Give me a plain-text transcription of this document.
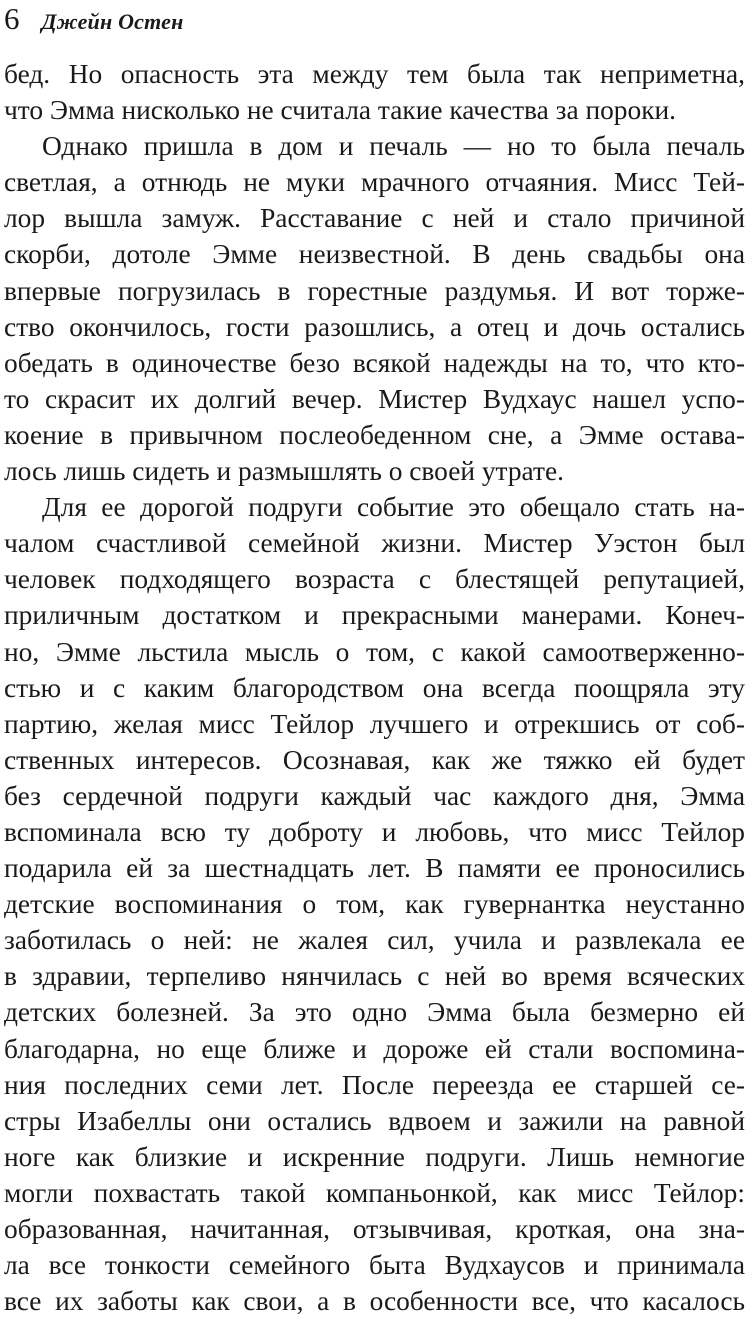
6 Джейн Остен
бед. Но опасность эта между тем была так неприметна,
что Эмма нисколько не считала такие качества за пороки.
Однако пришла в дом и печаль — но то была печаль
светлая, а отнюдь не муки мрачного отчаяния. Мисс Тей-
лор вышла замуж. Расставание с ней и стало причиной
скорби, дотоле Эмме неизвестной. В день свадьбы она
впервые погрузилась в горестные раздумья. И вот торже-
ство окончилось, гости разошлись, а отец и дочь остались
обедать в одиночестве безо всякой надежды на то, что кто-
то скрасит их долгий вечер. Мистер Вудхаус нашел успо-
коение в привычном послеобеденном сне, а Эмме остава-
лось лишь сидеть и размышлять о своей утрате.
Для ее дорогой подруги событие это обещало стать на-
чалом счастливой семейной жизни. Мистер Уэстон был
человек подходящего возраста с блестящей репутацией,
приличным достатком и прекрасными манерами. Конеч-
но, Эмме льстила мысль о том, с какой самоотверженно-
стью и с каким благородством она всегда поощряла эту
партию, желая мисс Тейлор лучшего и отрекшись от соб-
ственных интересов. Осознавая, как же тяжко ей будет
без сердечной подруги каждый час каждого дня, Эмма
вспоминала всю ту доброту и любовь, что мисс Тейлор
подарила ей за шестнадцать лет. В памяти ее проносились
детские воспоминания о том, как гувернантка неустанно
заботилась о ней: не жалея сил, учила и развлекала ее
в здравии, терпеливо нянчилась с ней во время всяческих
детских болезней. За это одно Эмма была безмерно ей
благодарна, но еще ближе и дороже ей стали воспомина-
ния последних семи лет. После переезда ее старшей се-
стры Изабеллы они остались вдвоем и зажили на равной
ноге как близкие и искренние подруги. Лишь немногие
могли похвастать такой компаньонкой, как мисс Тейлор:
образованная, начитанная, отзывчивая, кроткая, она зна-
ла все тонкости семейного быта Вудхаусов и принимала
все их заботы как свои, а в особенности все, что касалось
